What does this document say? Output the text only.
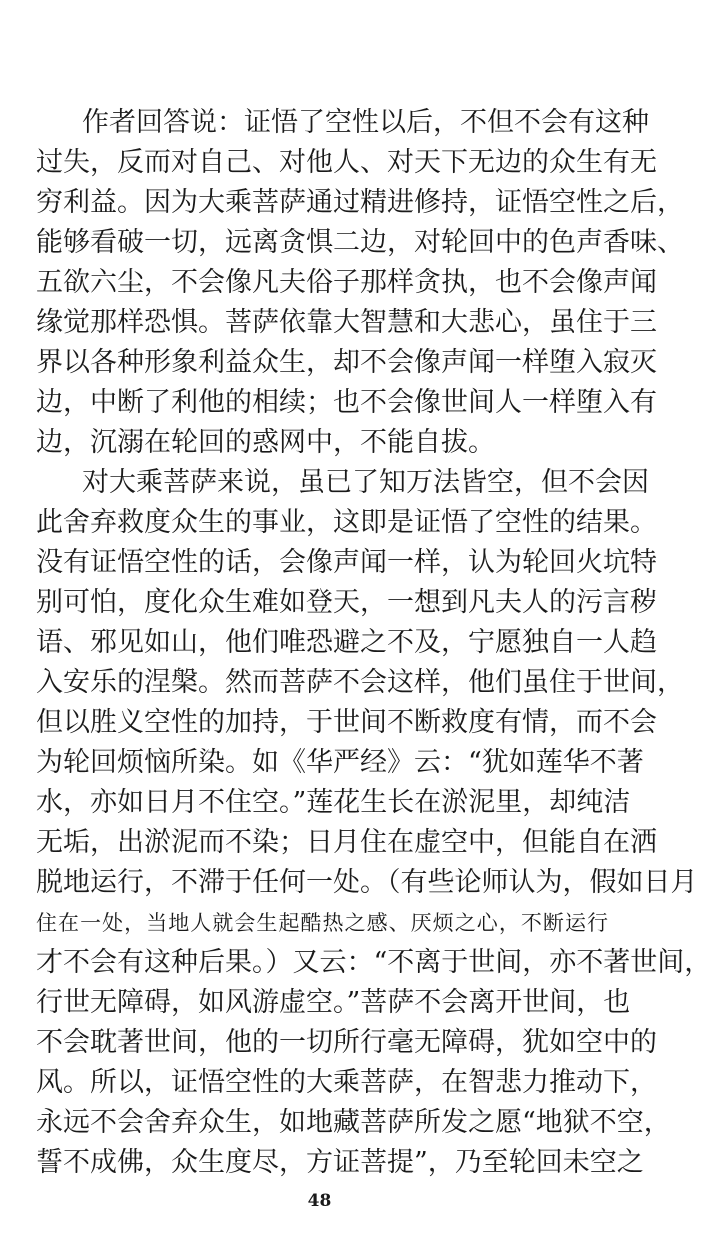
作者回答说：证悟了空性以后，不但不会有这种
过失，反而对自己、对他人、对天下无边的众生有无
穷利益。因为大乘菩萨通过精进修持，证悟空性之后，
能够看破一切，远离贪惧二边，对轮回中的色声香味、
五欲六尘，不会像凡夫俗子那样贪执，也不会像声闻
缘觉那样恐惧。菩萨依靠大智慧和大悲心，虽住于三
界以各种形象利益众生，却不会像声闻一样堕入寂灭
边，中断了利他的相续；也不会像世间人一样堕入有
边，沉溺在轮回的惑网中，不能自拔。
对大乘菩萨来说，虽已了知万法皆空，但不会因
此舍弃救度众生的事业，这即是证悟了空性的结果。
没有证悟空性的话，会像声闻一样，认为轮回火坑特
别可怕，度化众生难如登天，一想到凡夫人的污言秽
语、邪见如山，他们唯恐避之不及，宁愿独自一人趋
入安乐的涅槃。然而菩萨不会这样，他们虽住于世间，
但以胜义空性的加持，于世间不断救度有情，而不会
为轮回烦恼所染。如《华严经》云：“犹如莲华不著
水，亦如日月不住空。”莲花生长在淤泥里，却纯洁
无垢，出淤泥而不染；日月住在虚空中，但能自在洒
脱地运行，不滞于任何一处。（有些论师认为，假如日月
住在一处，当地人就会生起酷热之感、厌烦之心，不断运行
才不会有这种后果。）又云：“不离于世间，亦不著世间，
行世无障碍，如风游虚空。”菩萨不会离开世间，也
不会耽著世间，他的一切所行毫无障碍，犹如空中的
风。所以，证悟空性的大乘菩萨，在智悲力推动下，
永远不会舍弃众生，如地藏菩萨所发之愿“地狱不空，
誓不成佛，众生度尽，方证菩提”，乃至轮回未空之
48
